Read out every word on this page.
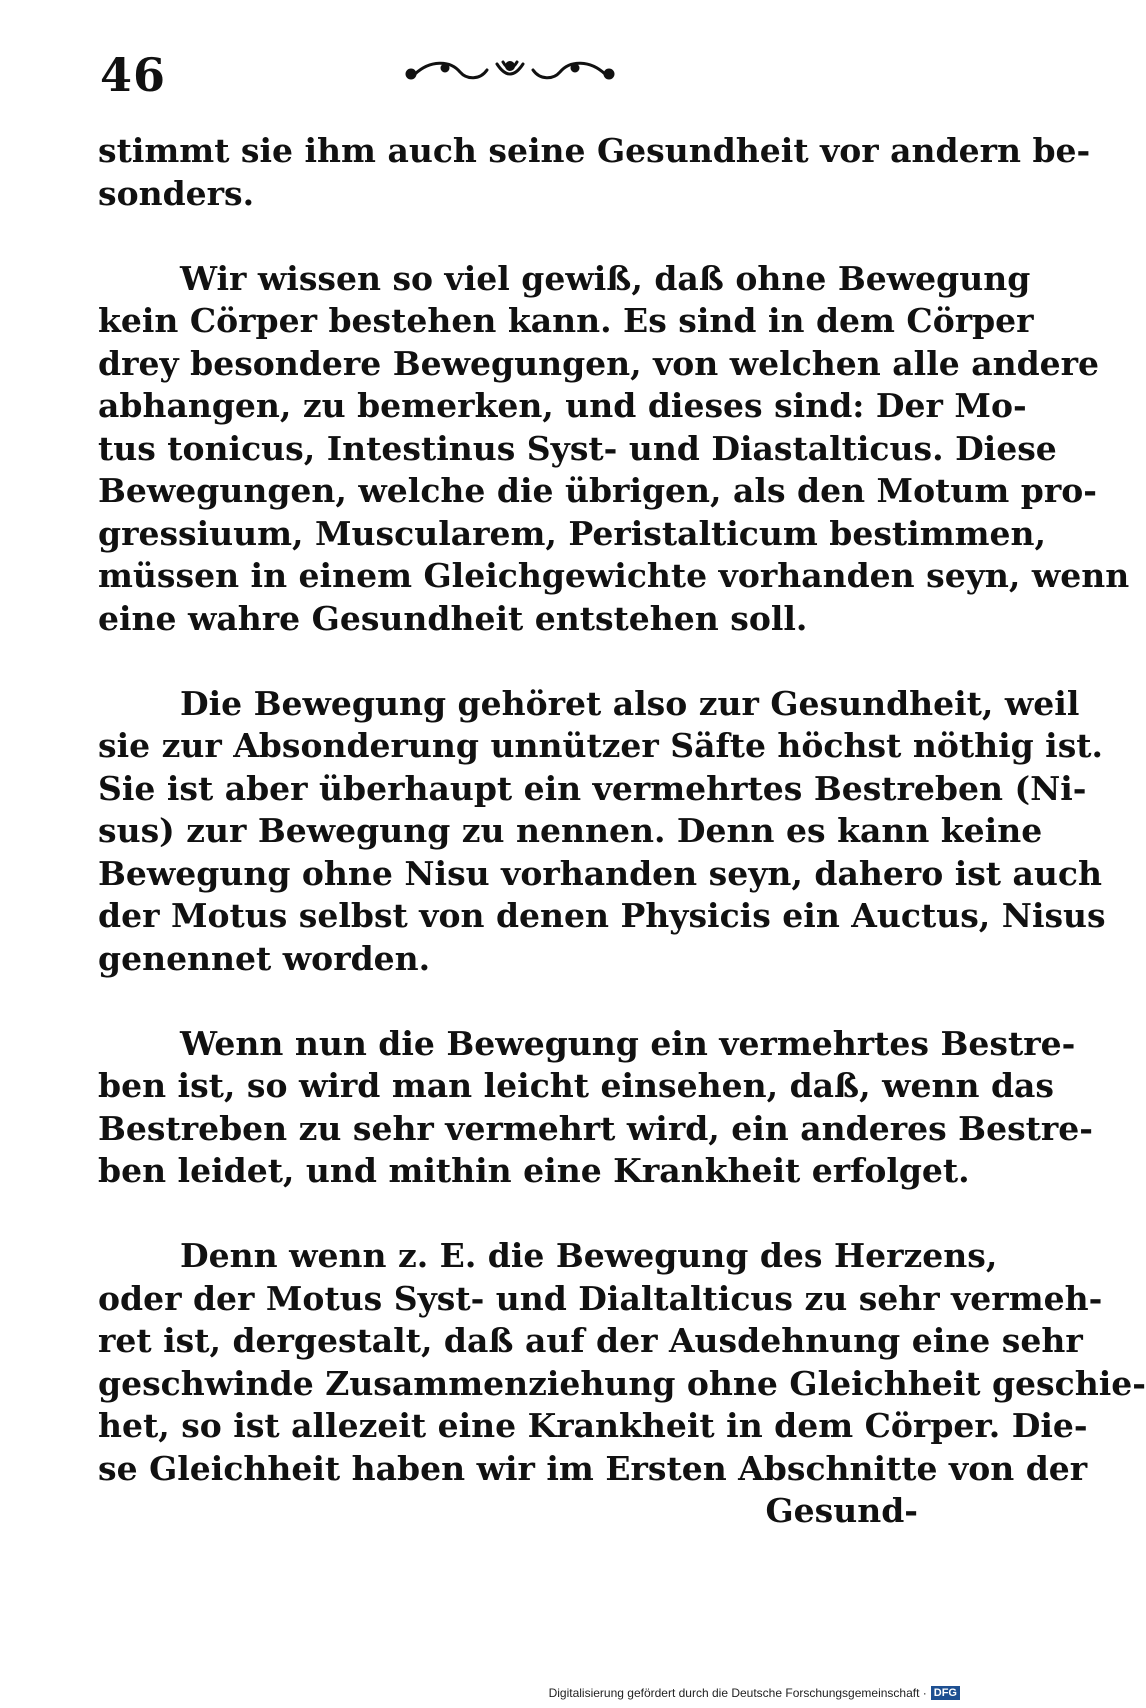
46
stimmt sie ihm auch seine Gesundheit vor andern be-
sonders.
Wir wissen so viel gewiß, daß ohne Bewegung
kein Cörper bestehen kann. Es sind in dem Cörper
drey besondere Bewegungen, von welchen alle andere
abhangen, zu bemerken, und dieses sind: Der Mo-
tus tonicus, Intestinus Syst- und Diastalticus. Diese
Bewegungen, welche die übrigen, als den Motum pro-
gressiuum, Muscularem, Peristalticum bestimmen,
müssen in einem Gleichgewichte vorhanden seyn, wenn
eine wahre Gesundheit entstehen soll.
Die Bewegung gehöret also zur Gesundheit, weil
sie zur Absonderung unnützer Säfte höchst nöthig ist.
Sie ist aber überhaupt ein vermehrtes Bestreben (Ni-
sus) zur Bewegung zu nennen. Denn es kann keine
Bewegung ohne Nisu vorhanden seyn, dahero ist auch
der Motus selbst von denen Physicis ein Auctus, Nisus
genennet worden.
Wenn nun die Bewegung ein vermehrtes Bestre-
ben ist, so wird man leicht einsehen, daß, wenn das
Bestreben zu sehr vermehrt wird, ein anderes Bestre-
ben leidet, und mithin eine Krankheit erfolget.
Denn wenn z. E. die Bewegung des Herzens,
oder der Motus Syst- und Dialtalticus zu sehr vermeh-
ret ist, dergestalt, daß auf der Ausdehnung eine sehr
geschwinde Zusammenziehung ohne Gleichheit geschie-
het, so ist allezeit eine Krankheit in dem Cörper. Die-
se Gleichheit haben wir im Ersten Abschnitte von der
Gesund-
Digitalisierung gefördert durch die Deutsche Forschungsgemeinschaft · DFG
